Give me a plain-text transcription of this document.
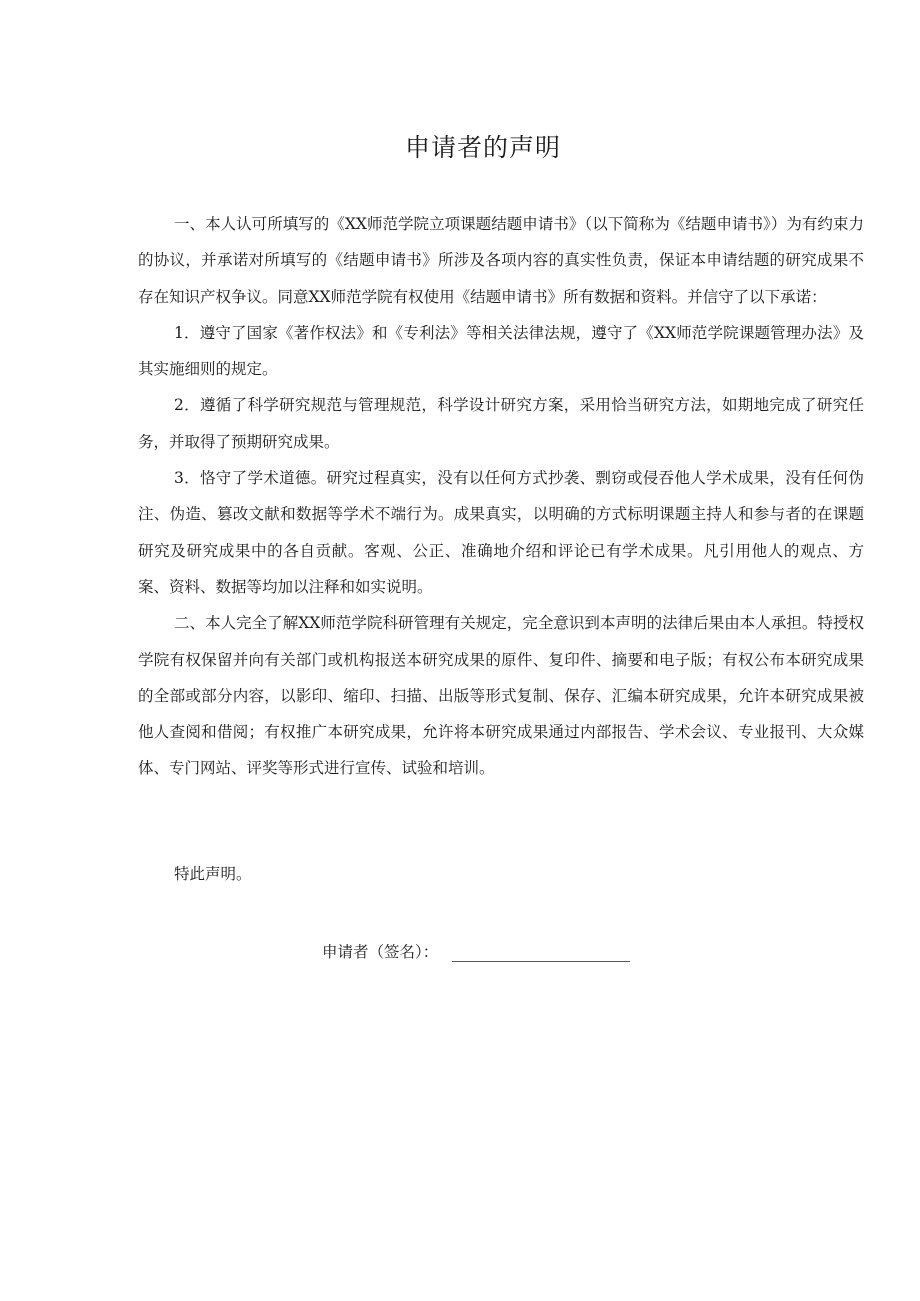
申请者的声明

一、本人认可所填写的《XX师范学院立项课题结题申请书》（以下简称为《结题申请书》）为有约束力的协议，并承诺对所填写的《结题申请书》所涉及各项内容的真实性负责，保证本申请结题的研究成果不存在知识产权争议。同意XX师范学院有权使用《结题申请书》所有数据和资料。并信守了以下承诺：

1．遵守了国家《著作权法》和《专利法》等相关法律法规，遵守了《XX师范学院课题管理办法》及其实施细则的规定。

2．遵循了科学研究规范与管理规范，科学设计研究方案，采用恰当研究方法，如期地完成了研究任务，并取得了预期研究成果。

3．恪守了学术道德。研究过程真实，没有以任何方式抄袭、剽窃或侵吞他人学术成果，没有任何伪注、伪造、篡改文献和数据等学术不端行为。成果真实，以明确的方式标明课题主持人和参与者的在课题研究及研究成果中的各自贡献。客观、公正、准确地介绍和评论已有学术成果。凡引用他人的观点、方案、资料、数据等均加以注释和如实说明。

二、本人完全了解XX师范学院科研管理有关规定，完全意识到本声明的法律后果由本人承担。特授权学院有权保留并向有关部门或机构报送本研究成果的原件、复印件、摘要和电子版；有权公布本研究成果的全部或部分内容，以影印、缩印、扫描、出版等形式复制、保存、汇编本研究成果，允许本研究成果被他人查阅和借阅；有权推广本研究成果，允许将本研究成果通过内部报告、学术会议、专业报刊、大众媒体、专门网站、评奖等形式进行宣传、试验和培训。

特此声明。

申请者（签名）：
